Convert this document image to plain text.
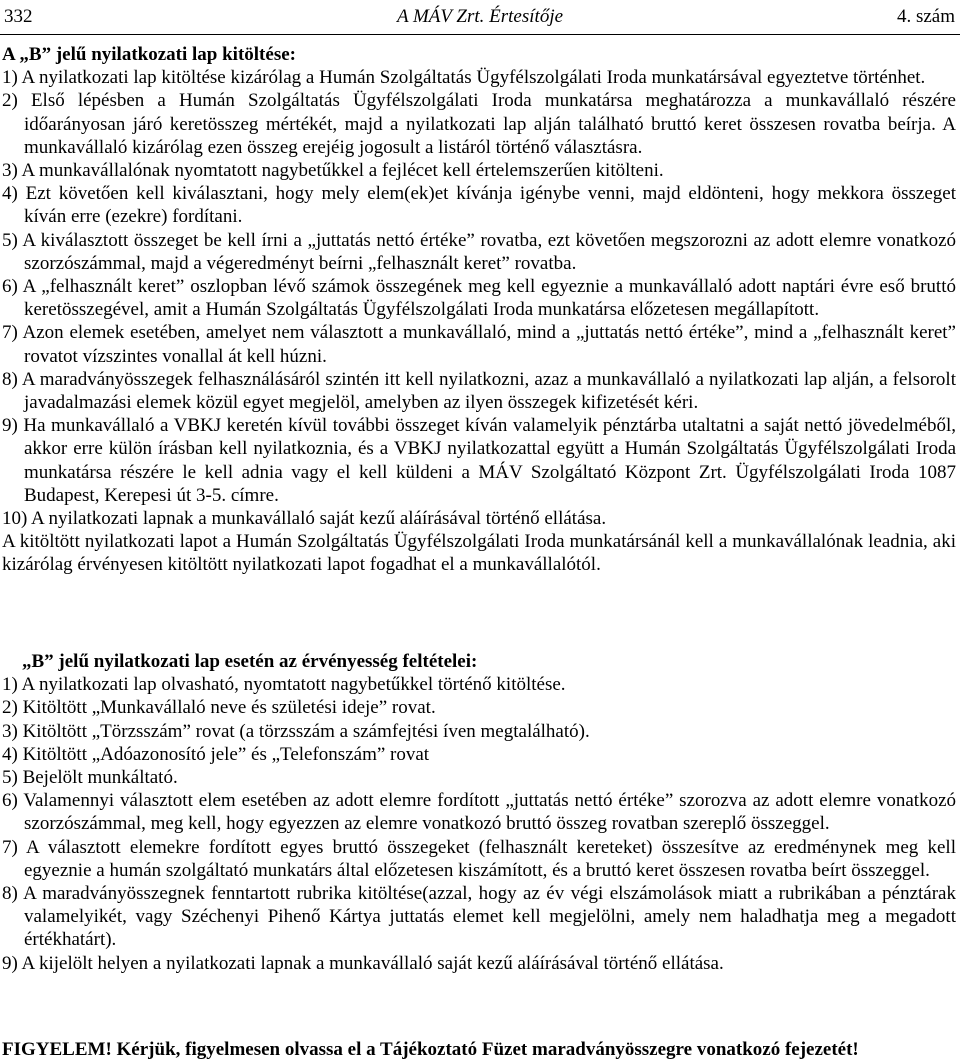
332	A MÁV Zrt. Értesítője	4. szám

A „B” jelű nyilatkozati lap kitöltése:

1) A nyilatkozati lap kitöltése kizárólag a Humán Szolgáltatás Ügyfélszolgálati Iroda munkatársával egyeztetve történhet.

2) Első lépésben a Humán Szolgáltatás Ügyfélszolgálati Iroda munkatársa meghatározza a munkavállaló részére időarányosan járó keretösszeg mértékét, majd a nyilatkozati lap alján található bruttó keret összesen rovatba beírja. A munkavállaló kizárólag ezen összeg erejéig jogosult a listáról történő választásra.

3) A munkavállalónak nyomtatott nagybetűkkel a fejlécet kell értelemszerűen kitölteni.

4) Ezt követően kell kiválasztani, hogy mely elem(ek)et kívánja igénybe venni, majd eldönteni, hogy mekkora összeget kíván erre (ezekre) fordítani.

5) A kiválasztott összeget be kell írni a „juttatás nettó értéke” rovatba, ezt követően megszorozni az adott elemre vonatkozó szorzószámmal, majd a végeredményt beírni „felhasznált keret” rovatba.

6) A „felhasznált keret” oszlopban lévő számok összegének meg kell egyeznie a munkavállaló adott naptári évre eső bruttó keretösszegével, amit a Humán Szolgáltatás Ügyfélszolgálati Iroda munkatársa előzetesen megállapított.

7) Azon elemek esetében, amelyet nem választott a munkavállaló, mind a „juttatás nettó értéke”, mind a „felhasznált keret” rovatot vízszintes vonallal át kell húzni.

8) A maradványösszegek felhasználásáról szintén itt kell nyilatkozni, azaz a munkavállaló a nyilatkozati lap alján, a felsorolt javadalmazási elemek közül egyet megjelöl, amelyben az ilyen összegek kifizetését kéri.

9) Ha munkavállaló a VBKJ keretén kívül további összeget kíván valamelyik pénztárba utaltatni a saját nettó jövedelméből, akkor erre külön írásban kell nyilatkoznia, és a VBKJ nyilatkozattal együtt a Humán Szolgáltatás Ügyfélszolgálati Iroda munkatársa részére le kell adnia vagy el kell küldeni a MÁV Szolgáltató Központ Zrt. Ügyfélszolgálati Iroda 1087 Budapest, Kerepesi út 3-5. címre.

10) A nyilatkozati lapnak a munkavállaló saját kezű aláírásával történő ellátása.

A kitöltött nyilatkozati lapot a Humán Szolgáltatás Ügyfélszolgálati Iroda munkatársánál kell a munkavállalónak leadnia, aki kizárólag érvényesen kitöltött nyilatkozati lapot fogadhat el a munkavállalótól.

„B” jelű nyilatkozati lap esetén az érvényesség feltételei:

1) A nyilatkozati lap olvasható, nyomtatott nagybetűkkel történő kitöltése.

2) Kitöltött „Munkavállaló neve és születési ideje” rovat.

3) Kitöltött „Törzsszám” rovat (a törzsszám a számfejtési íven megtalálható).

4) Kitöltött „Adóazonosító jele” és „Telefonszám” rovat

5) Bejelölt munkáltató.

6) Valamennyi választott elem esetében az adott elemre fordított „juttatás nettó értéke” szorozva az adott elemre vonatkozó szorzószámmal, meg kell, hogy egyezzen az elemre vonatkozó bruttó összeg rovatban szereplő összeggel.

7) A választott elemekre fordított egyes bruttó összegeket (felhasznált kereteket) összesítve az eredménynek meg kell egyeznie a humán szolgáltató munkatárs által előzetesen kiszámított, és a bruttó keret összesen rovatba beírt összeggel.

8) A maradványösszegnek fenntartott rubrika kitöltése(azzal, hogy az év végi elszámolások miatt a rubrikában a pénztárak valamelyikét, vagy Széchenyi Pihenő Kártya juttatás elemet kell megjelölni, amely nem haladhatja meg a megadott értékhatárt).

9) A kijelölt helyen a nyilatkozati lapnak a munkavállaló saját kezű aláírásával történő ellátása.

FIGYELEM! Kérjük, figyelmesen olvassa el a Tájékoztató Füzet maradványösszegre vonatkozó fejezetét!
